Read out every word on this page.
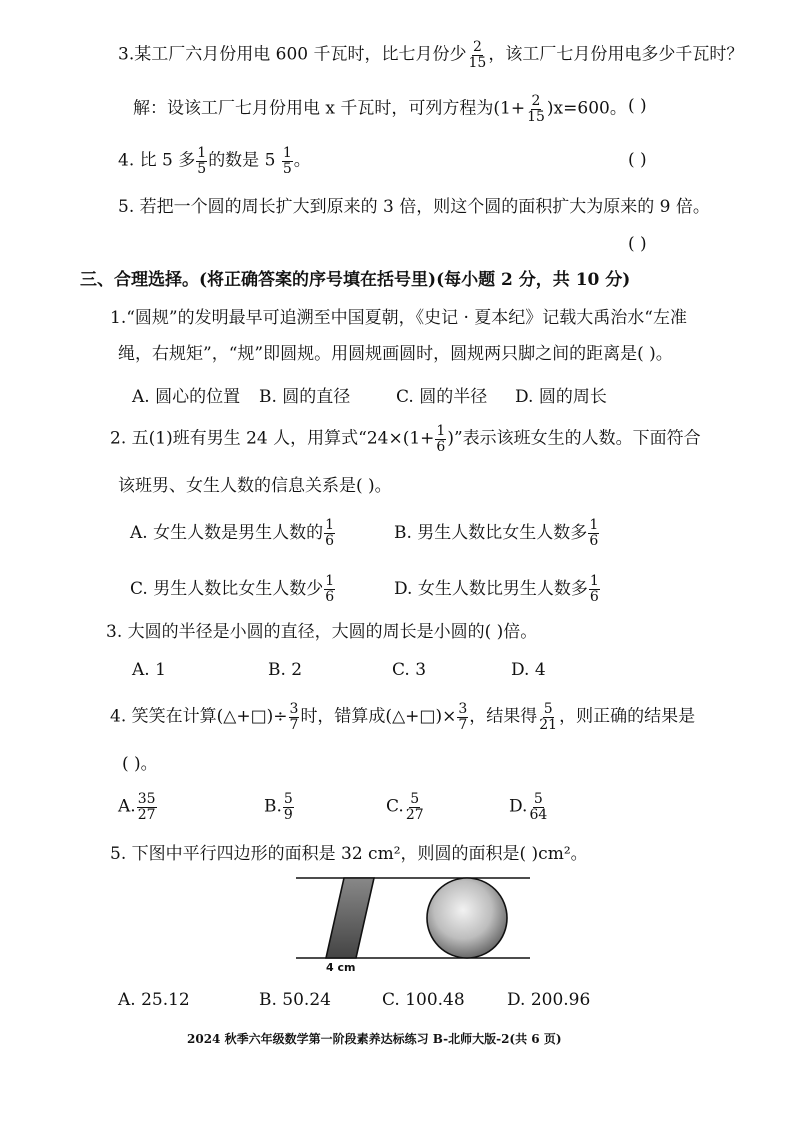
3.某工厂六月份用电 600 千瓦时，比七月份少 $\frac{2}{15}$ ，该工厂七月份用电多少千瓦时？
解：设该工厂七月份用电 x 千瓦时，可列方程为$(1+ \frac{2}{15} )x=600$。 ( )
4. 比 5 多 $\frac{1}{5}$ 的数是 $5 \frac{1}{5}$ 。	( )
5. 若把一个圆的周长扩大到原来的 3 倍，则这个圆的面积扩大为原来的 9 倍。
( )
三、合理选择。(将正确答案的序号填在括号里)(每小题 2 分，共 10 分)
1.“圆规”的发明最早可追溯至中国夏朝，《史记 · 夏本纪》记载大禹治水“左准
绳，右规矩”，“规”即圆规。用圆规画圆时，圆规两只脚之间的距离是( )。
A. 圆心的位置 B. 圆的直径	C. 圆的半径 D. 圆的周长
2. 五(1)班有男生 24 人，用算式“$24\times(1+ \frac{1}{6}$ )”表示该班女生的人数。下面符合
该班男、女生人数的信息关系是( )。
A. 女生人数是男生人数的 $\frac{1}{6}$	B. 男生人数比女生人数多 $\frac{1}{6}$
C. 男生人数比女生人数少 $\frac{1}{6}$	D. 女生人数比男生人数多 $\frac{1}{6}$
3. 大圆的半径是小圆的直径，大圆的周长是小圆的( )倍。
A. 1	B. 2	C. 3	D. 4
4. 笑笑在计算(△+□)÷ $\frac{3}{7}$ 时，错算成(△+□)× $\frac{3}{7}$ ，结果得 $\frac{5}{21}$ ，则正确的结果是
( )。
A. $\frac{35}{27}$	B. $\frac{5}{9}$	C. $\frac{5}{27}$	D. $\frac{5}{64}$
5. 下图中平行四边形的面积是 32 cm²，则圆的面积是( )cm²。
4 cm
A. 25.12	B. 50.24	C. 100.48 D. 200.96
2024 秋季六年级数学第一阶段素养达标练习 B-北师大版-2(共 6 页)
